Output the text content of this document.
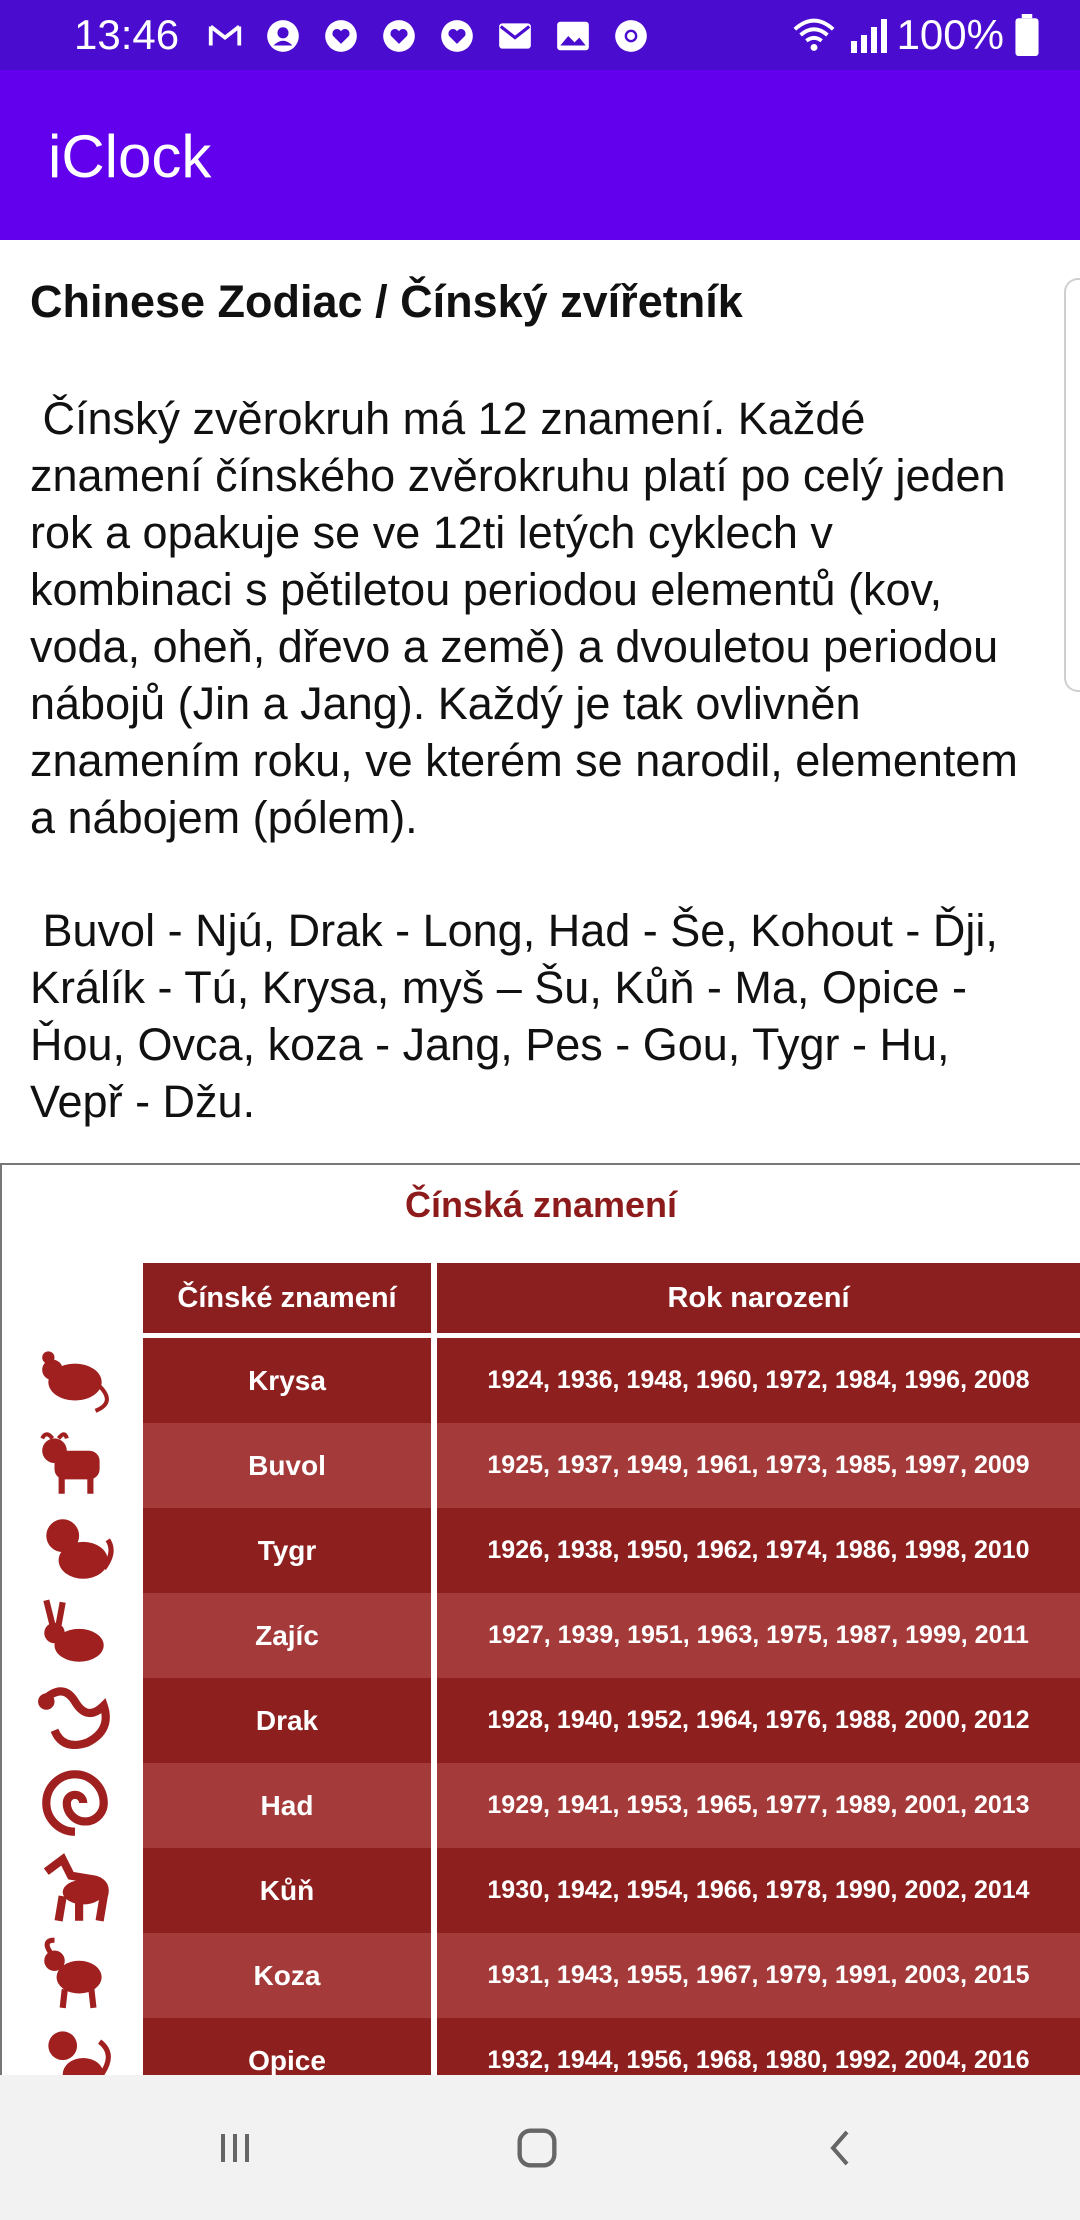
13:46	100%
iClock
Chinese Zodiac / Čínský zvířetník

Čínský zvěrokruh má 12 znamení. Každé znamení čínského zvěrokruhu platí po celý jeden rok a opakuje se ve 12ti letých cyklech v kombinaci s pětiletou periodou elementů (kov, voda, oheň, dřevo a země) a dvouletou periodou nábojů (Jin a Jang). Každý je tak ovlivněn znamením roku, ve kterém se narodil, elementem a nábojem (pólem).

Buvol - Njú, Drak - Long, Had - Še, Kohout - Ďji, Králík - Tú, Krysa, myš – Šu, Kůň - Ma, Opice - Ȟou, Ovca, koza - Jang, Pes - Gou, Tygr - Hu, Vepř - Džu.

Čínská znamení
Čínské znamení	Rok narození
Krysa	1924, 1936, 1948, 1960, 1972, 1984, 1996, 2008
Buvol	1925, 1937, 1949, 1961, 1973, 1985, 1997, 2009
Tygr	1926, 1938, 1950, 1962, 1974, 1986, 1998, 2010
Zajíc	1927, 1939, 1951, 1963, 1975, 1987, 1999, 2011
Drak	1928, 1940, 1952, 1964, 1976, 1988, 2000, 2012
Had	1929, 1941, 1953, 1965, 1977, 1989, 2001, 2013
Kůň	1930, 1942, 1954, 1966, 1978, 1990, 2002, 2014
Koza	1931, 1943, 1955, 1967, 1979, 1991, 2003, 2015
Opice	1932, 1944, 1956, 1968, 1980, 1992, 2004, 2016
